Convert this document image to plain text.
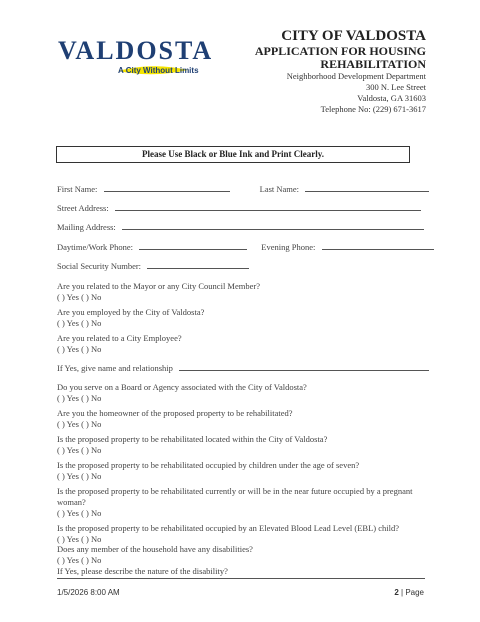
VALDOSTA
A City Without Limits
CITY OF VALDOSTA
APPLICATION FOR HOUSING
REHABILITATION
Neighborhood Development Department
300 N. Lee Street
Valdosta, GA 31603
Telephone No: (229) 671-3617
Please Use Black or Blue Ink and Print Clearly.
First Name:	Last Name:
Street Address:
Mailing Address:
Daytime/Work Phone:	Evening Phone:
Social Security Number:
Are you related to the Mayor or any City Council Member?
( ) Yes ( ) No
Are you employed by the City of Valdosta?
( ) Yes ( ) No
Are you related to a City Employee?
( ) Yes ( ) No
If Yes, give name and relationship
Do you serve on a Board or Agency associated with the City of Valdosta?
( ) Yes ( ) No
Are you the homeowner of the proposed property to be rehabilitated?
( ) Yes ( ) No
Is the proposed property to be rehabilitated located within the City of Valdosta?
( ) Yes ( ) No
Is the proposed property to be rehabilitated occupied by children under the age of seven?
( ) Yes ( ) No
Is the proposed property to be rehabilitated currently or will be in the near future occupied by a pregnant woman?
( ) Yes ( ) No
Is the proposed property to be rehabilitated occupied by an Elevated Blood Lead Level (EBL) child?
( ) Yes ( ) No
Does any member of the household have any disabilities?
( ) Yes ( ) No
If Yes, please describe the nature of the disability?
1/5/2026 8:00 AM	2 | Page
